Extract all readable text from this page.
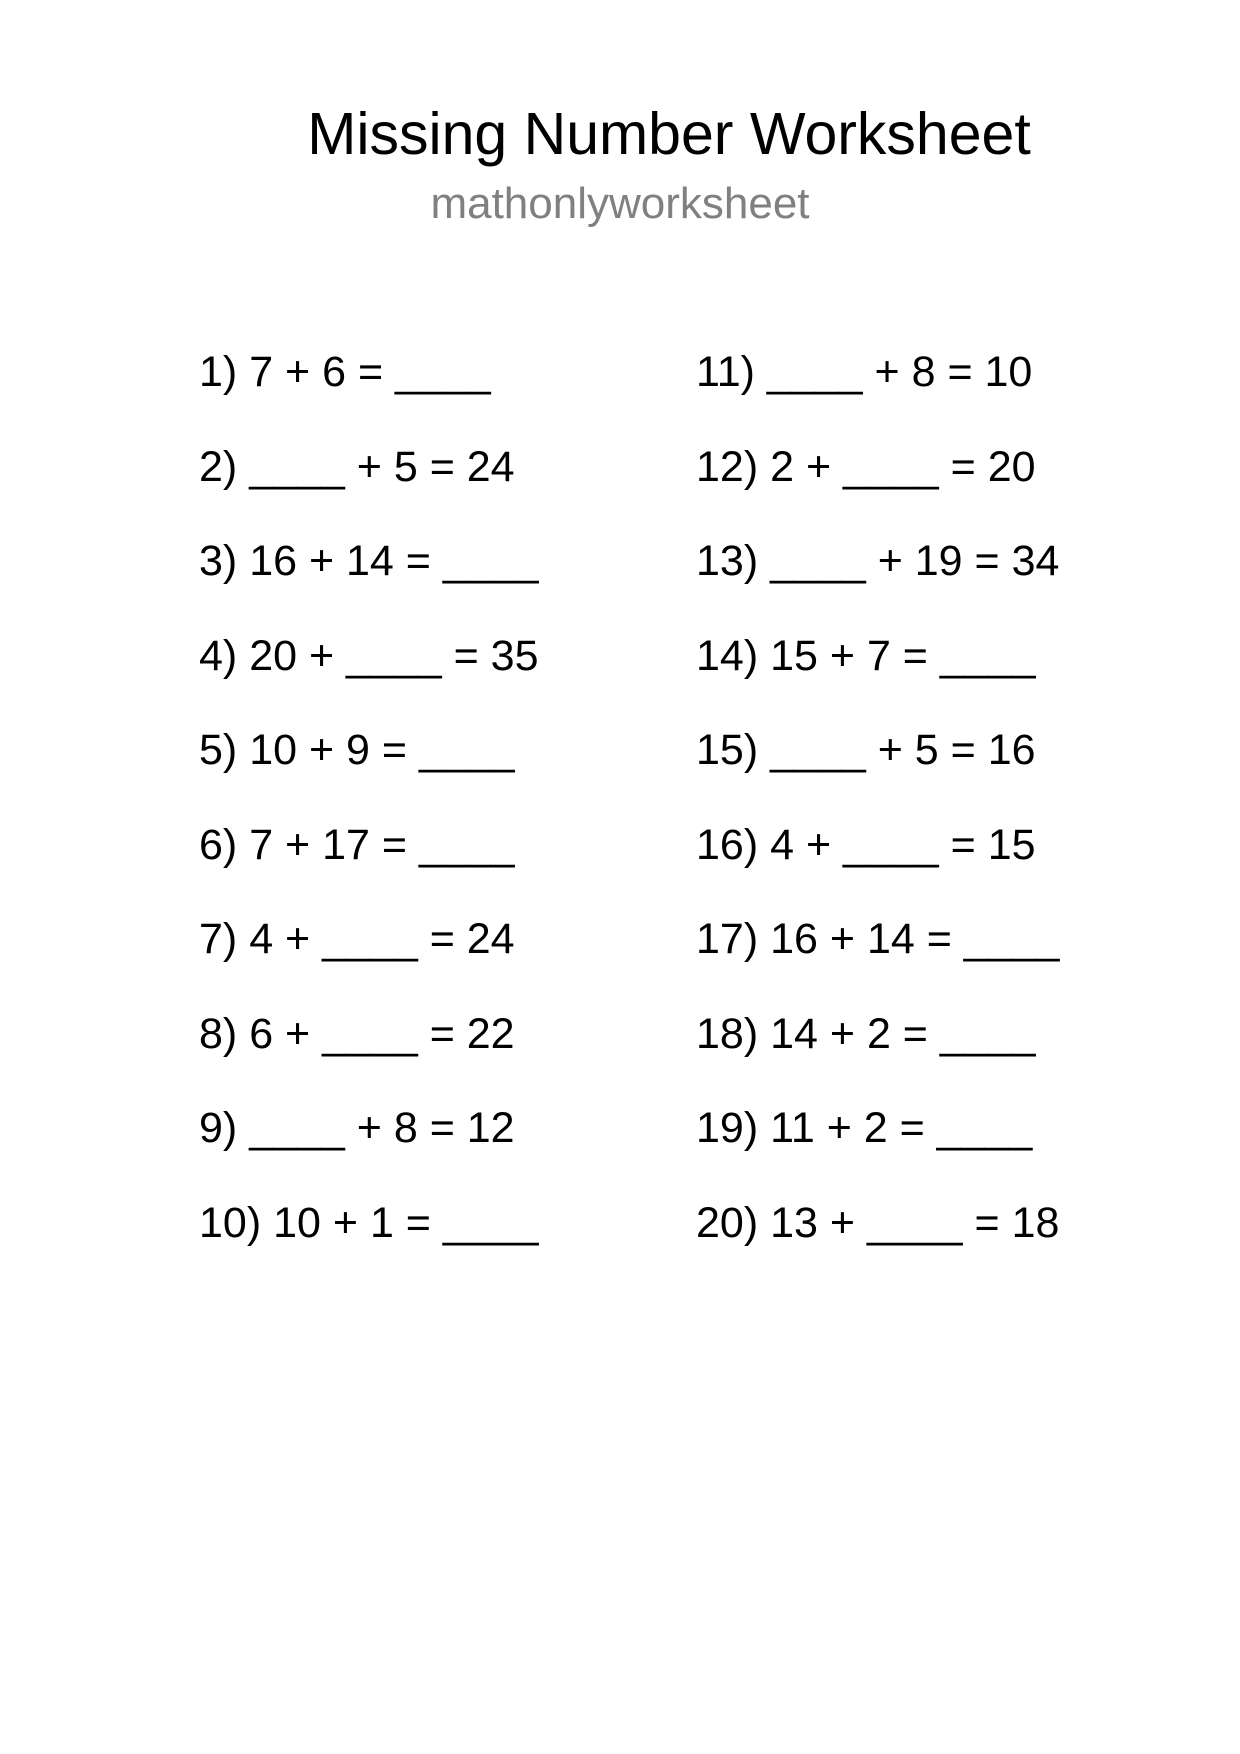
Missing Number Worksheet
mathonlyworksheet
1) 7 + 6 = ____
2) ____ + 5 = 24
3) 16 + 14 = ____
4) 20 + ____ = 35
5) 10 + 9 = ____
6) 7 + 17 = ____
7) 4 + ____ = 24
8) 6 + ____ = 22
9) ____ + 8 = 12
10) 10 + 1 = ____
11) ____ + 8 = 10
12) 2 + ____ = 20
13) ____ + 19 = 34
14) 15 + 7 = ____
15) ____ + 5 = 16
16) 4 + ____ = 15
17) 16 + 14 = ____
18) 14 + 2 = ____
19) 11 + 2 = ____
20) 13 + ____ = 18
